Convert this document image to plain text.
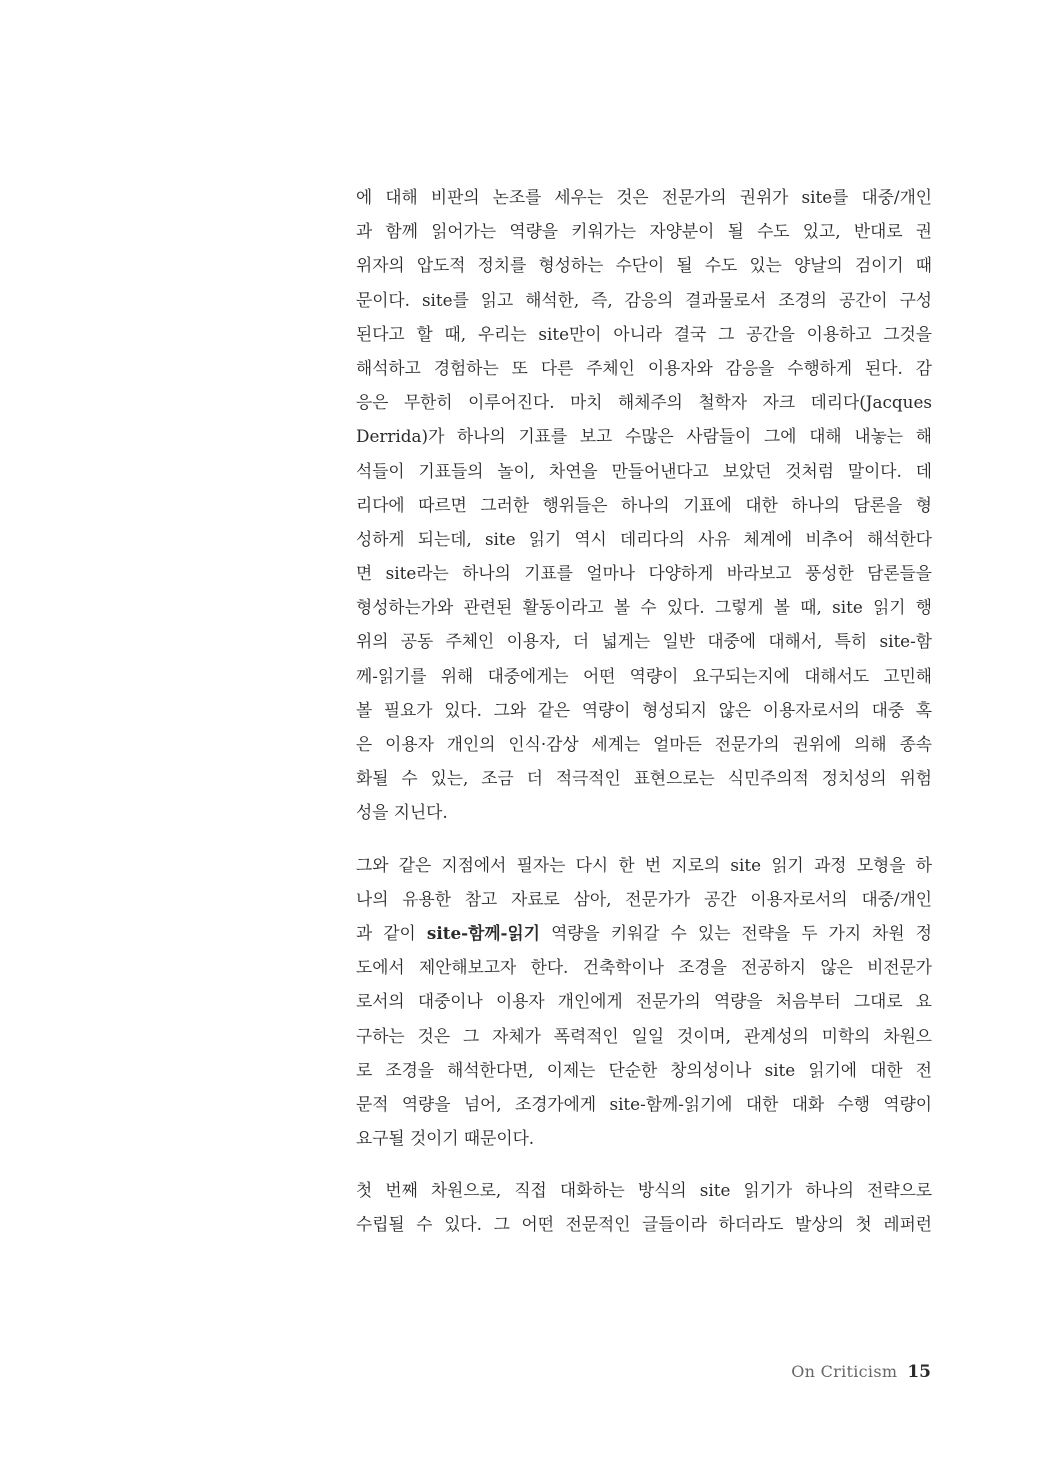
에 대해 비판의 논조를 세우는 것은 전문가의 권위가 site를 대중/개인
과 함께 읽어가는 역량을 키워가는 자양분이 될 수도 있고, 반대로 권
위자의 압도적 정치를 형성하는 수단이 될 수도 있는 양날의 검이기 때
문이다. site를 읽고 해석한, 즉, 감응의 결과물로서 조경의 공간이 구성
된다고 할 때, 우리는 site만이 아니라 결국 그 공간을 이용하고 그것을
해석하고 경험하는 또 다른 주체인 이용자와 감응을 수행하게 된다. 감
응은 무한히 이루어진다. 마치 해체주의 철학자 자크 데리다(Jacques
Derrida)가 하나의 기표를 보고 수많은 사람들이 그에 대해 내놓는 해
석들이 기표들의 놀이, 차연을 만들어낸다고 보았던 것처럼 말이다. 데
리다에 따르면 그러한 행위들은 하나의 기표에 대한 하나의 담론을 형
성하게 되는데, site 읽기 역시 데리다의 사유 체계에 비추어 해석한다
면 site라는 하나의 기표를 얼마나 다양하게 바라보고 풍성한 담론들을
형성하는가와 관련된 활동이라고 볼 수 있다. 그렇게 볼 때, site 읽기 행
위의 공동 주체인 이용자, 더 넓게는 일반 대중에 대해서, 특히 site-함
께-읽기를 위해 대중에게는 어떤 역량이 요구되는지에 대해서도 고민해
볼 필요가 있다. 그와 같은 역량이 형성되지 않은 이용자로서의 대중 혹
은 이용자 개인의 인식·감상 세계는 얼마든 전문가의 권위에 의해 종속
화될 수 있는, 조금 더 적극적인 표현으로는 식민주의적 정치성의 위험
성을 지닌다.
그와 같은 지점에서 필자는 다시 한 번 지로의 site 읽기 과정 모형을 하
나의 유용한 참고 자료로 삼아, 전문가가 공간 이용자로서의 대중/개인
과 같이 site-함께-읽기 역량을 키워갈 수 있는 전략을 두 가지 차원 정
도에서 제안해보고자 한다. 건축학이나 조경을 전공하지 않은 비전문가
로서의 대중이나 이용자 개인에게 전문가의 역량을 처음부터 그대로 요
구하는 것은 그 자체가 폭력적인 일일 것이며, 관계성의 미학의 차원으
로 조경을 해석한다면, 이제는 단순한 창의성이나 site 읽기에 대한 전
문적 역량을 넘어, 조경가에게 site-함께-읽기에 대한 대화 수행 역량이
요구될 것이기 때문이다.
첫 번째 차원으로, 직접 대화하는 방식의 site 읽기가 하나의 전략으로
수립될 수 있다. 그 어떤 전문적인 글들이라 하더라도 발상의 첫 레퍼런
On Criticism 15
